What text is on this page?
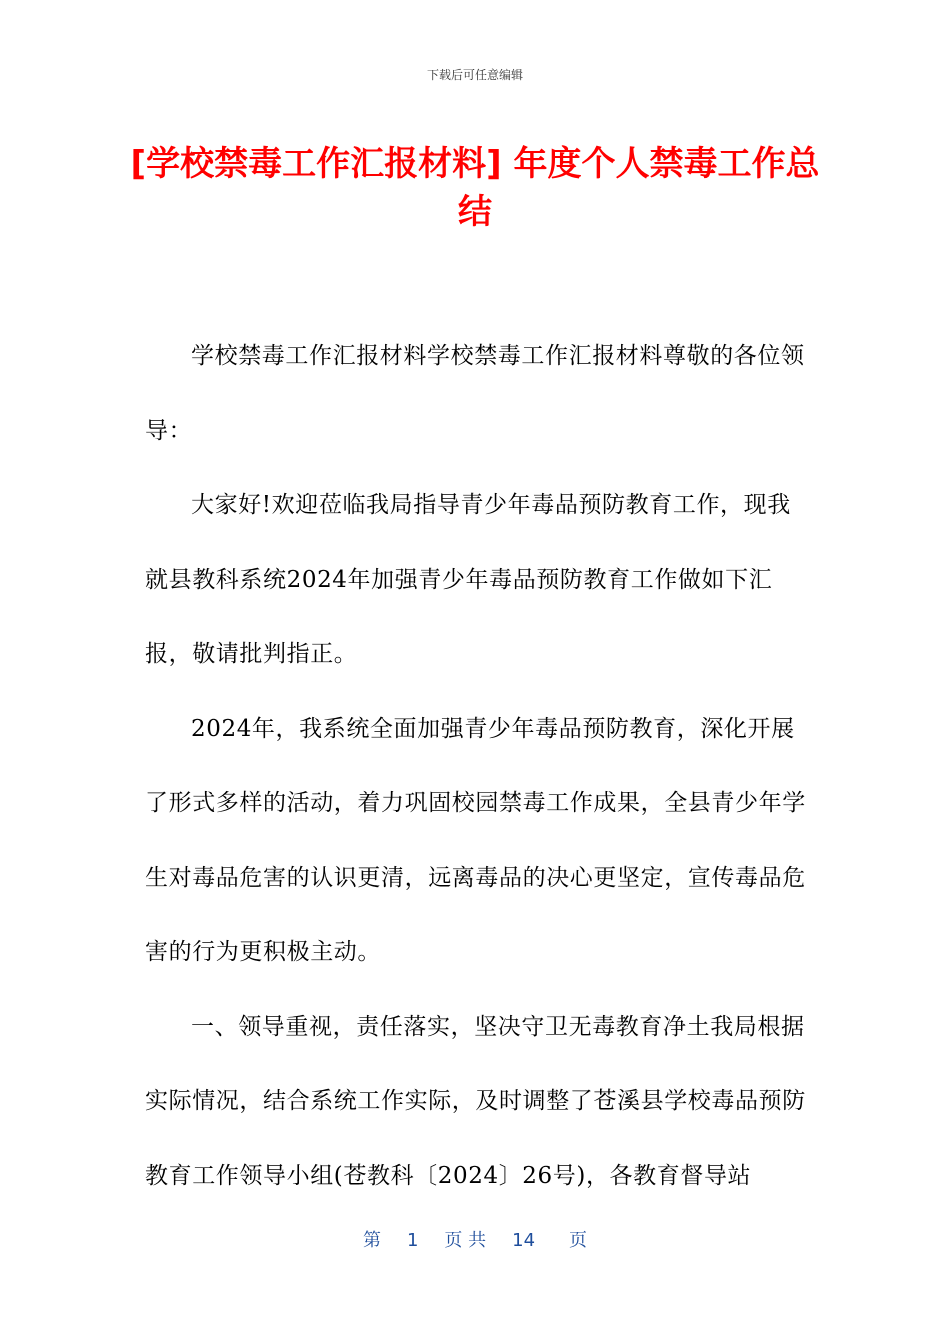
下载后可任意编辑
[学校禁毒工作汇报材料] 年度个人禁毒工作总结

学校禁毒工作汇报材料学校禁毒工作汇报材料尊敬的各位领导：

大家好!欢迎莅临我局指导青少年毒品预防教育工作，现我就县教科系统2024年加强青少年毒品预防教育工作做如下汇报，敬请批判指正。

2024年，我系统全面加强青少年毒品预防教育，深化开展了形式多样的活动，着力巩固校园禁毒工作成果，全县青少年学生对毒品危害的认识更清，远离毒品的决心更坚定，宣传毒品危害的行为更积极主动。

一、领导重视，责任落实，坚决守卫无毒教育净土我局根据实际情况，结合系统工作实际，及时调整了苍溪县学校毒品预防教育工作领导小组(苍教科〔2024〕26号)，各教育督导站

第 1 页 共 14 页
